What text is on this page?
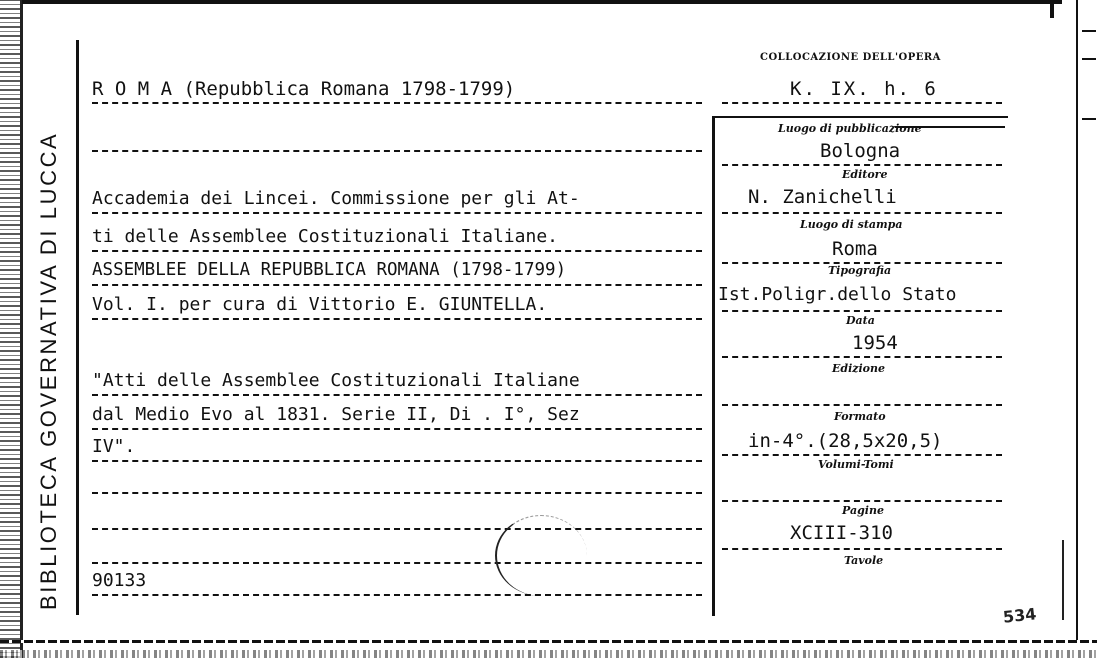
BIBLIOTECA GOVERNATIVA DI LUCCA
COLLOCAZIONE DELL'OPERA
R O M A (Repubblica Romana 1798-1799)	K. IX. h. 6
Accademia dei Lincei. Commissione per gli At-
ti delle Assemblee Costituzionali Italiane.
ASSEMBLEE DELLA REPUBBLICA ROMANA (1798-1799)
Vol. I. per cura di Vittorio E. GIUNTELLA.
"Atti delle Assemblee Costituzionali Italiane
dal Medio Evo al 1831. Serie II, Di . I°, Sez
IV".
90133
Luogo di pubblicazione
Bologna
Editore
N. Zanichelli
Luogo di stampa
Roma
Tipografia
Ist.Poligr.dello Stato
Data
1954
Edizione
Formato
in-4°.(28,5x20,5)
Volumi-Tomi
Pagine
XCIII-310
Tavole
534
